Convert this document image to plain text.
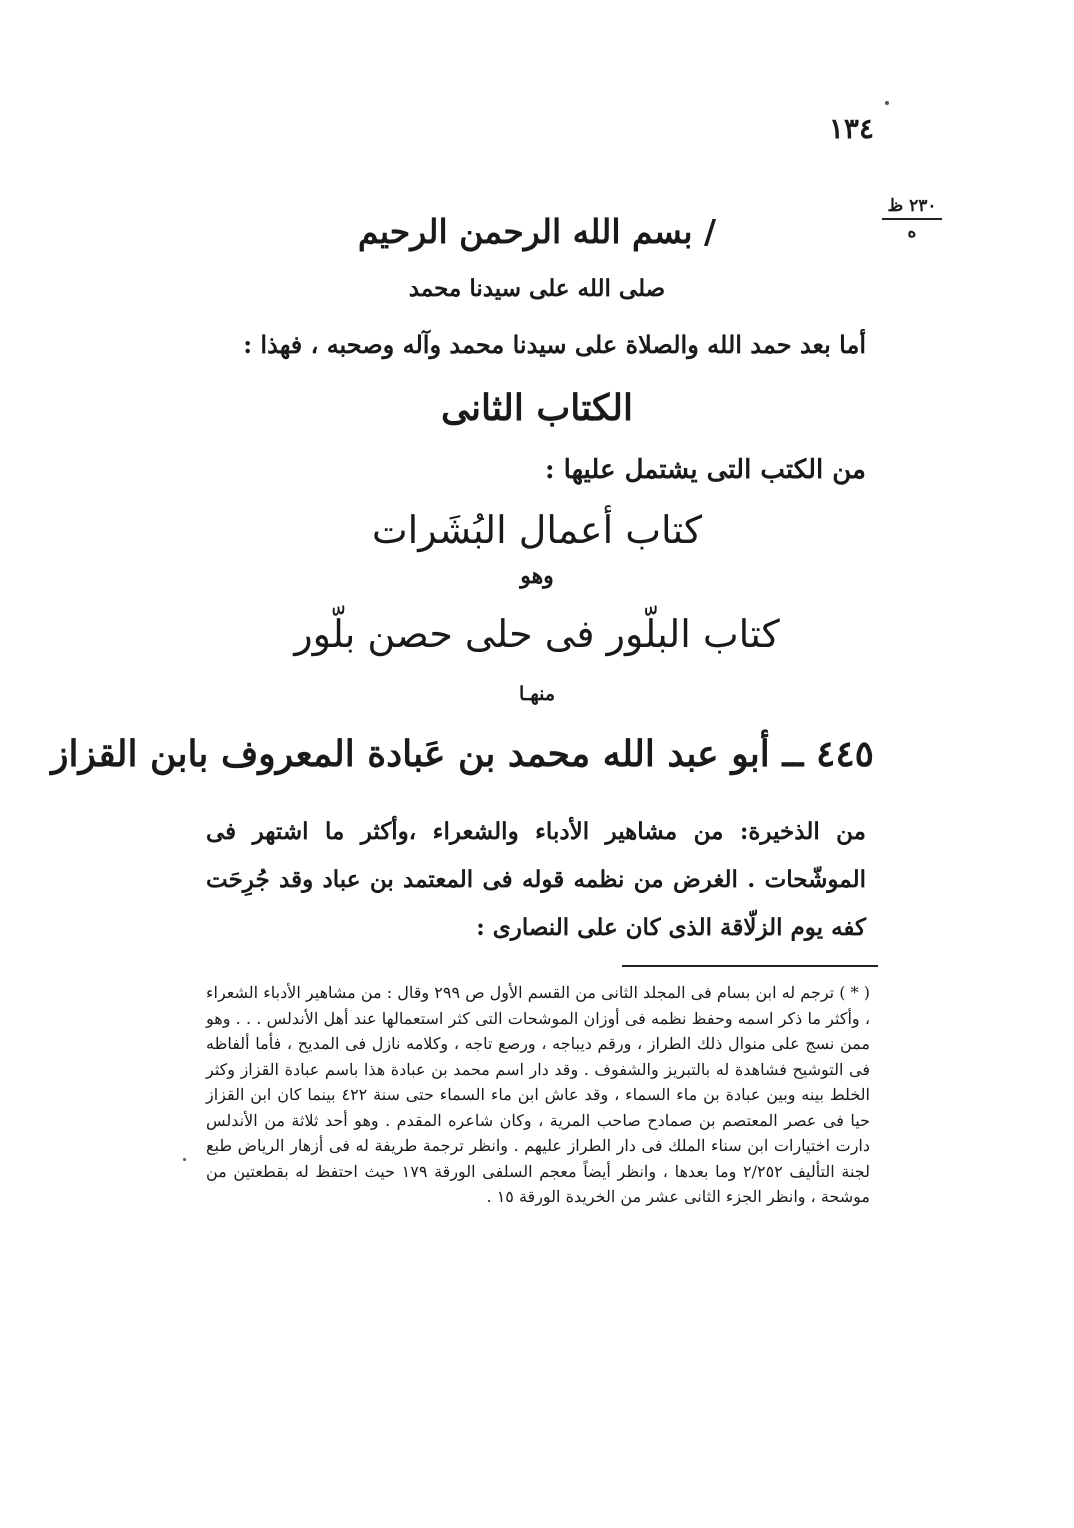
١٣٤
٢٣٠ ظ
ه
/ بسم الله الرحمن الرحيم
صلى الله على سيدنا محمد
أما بعد حمد الله والصلاة على سيدنا محمد وآله وصحبه ، فهذا :
الكتاب الثانى
من الكتب التى يشتمل عليها :
كتاب أعمال البُشَرات
وهو
كتاب البلّور فى حلى حصن بلّور
منهـا
٤٤٥ ــ أبو عبد الله محمد بن عَبادة المعروف بابن القزاز
من الذخيرة: من مشاهير الأدباء والشعراء ،وأكثر ما اشتهر فى الموشّحات . الغرض من نظمه قوله فى المعتمد بن عباد وقد جُرِحَت كفه يوم الزلّاقة الذى كان على النصارى :
( * ) ترجم له ابن بسام فى المجلد الثانى من القسم الأول ص ٢٩٩ وقال : من مشاهير الأدباء الشعراء ، وأكثر ما ذكر اسمه وحفظ نظمه فى أوزان الموشحات التى كثر استعمالها عند أهل الأندلس . . . وهو ممن نسج على منوال ذلك الطراز ، ورقم ديباجه ، ورصع تاجه ، وكلامه نازل فى المديح ، فأما ألفاظه فى التوشيح فشاهدة له بالتبريز والشفوف . وقد دار اسم محمد بن عبادة هذا باسم عبادة القزاز وكثر الخلط بينه وبين عبادة بن ماء السماء ، وقد عاش ابن ماء السماء حتى سنة ٤٢٢ بينما كان ابن القزاز حيا فى عصر المعتصم بن صمادح صاحب المرية ، وكان شاعره المقدم . وهو أحد ثلاثة من الأندلس دارت اختيارات ابن سناء الملك فى دار الطراز عليهم . وانظر ترجمة طريفة له فى أزهار الرياض طبع لجنة التأليف ٢/٢٥٢ وما بعدها ، وانظر أيضاً معجم السلفى الورقة ١٧٩ حيث احتفظ له بقطعتين من موشحة ، وانظر الجزء الثانى عشر من الخريدة الورقة ١٥ .
